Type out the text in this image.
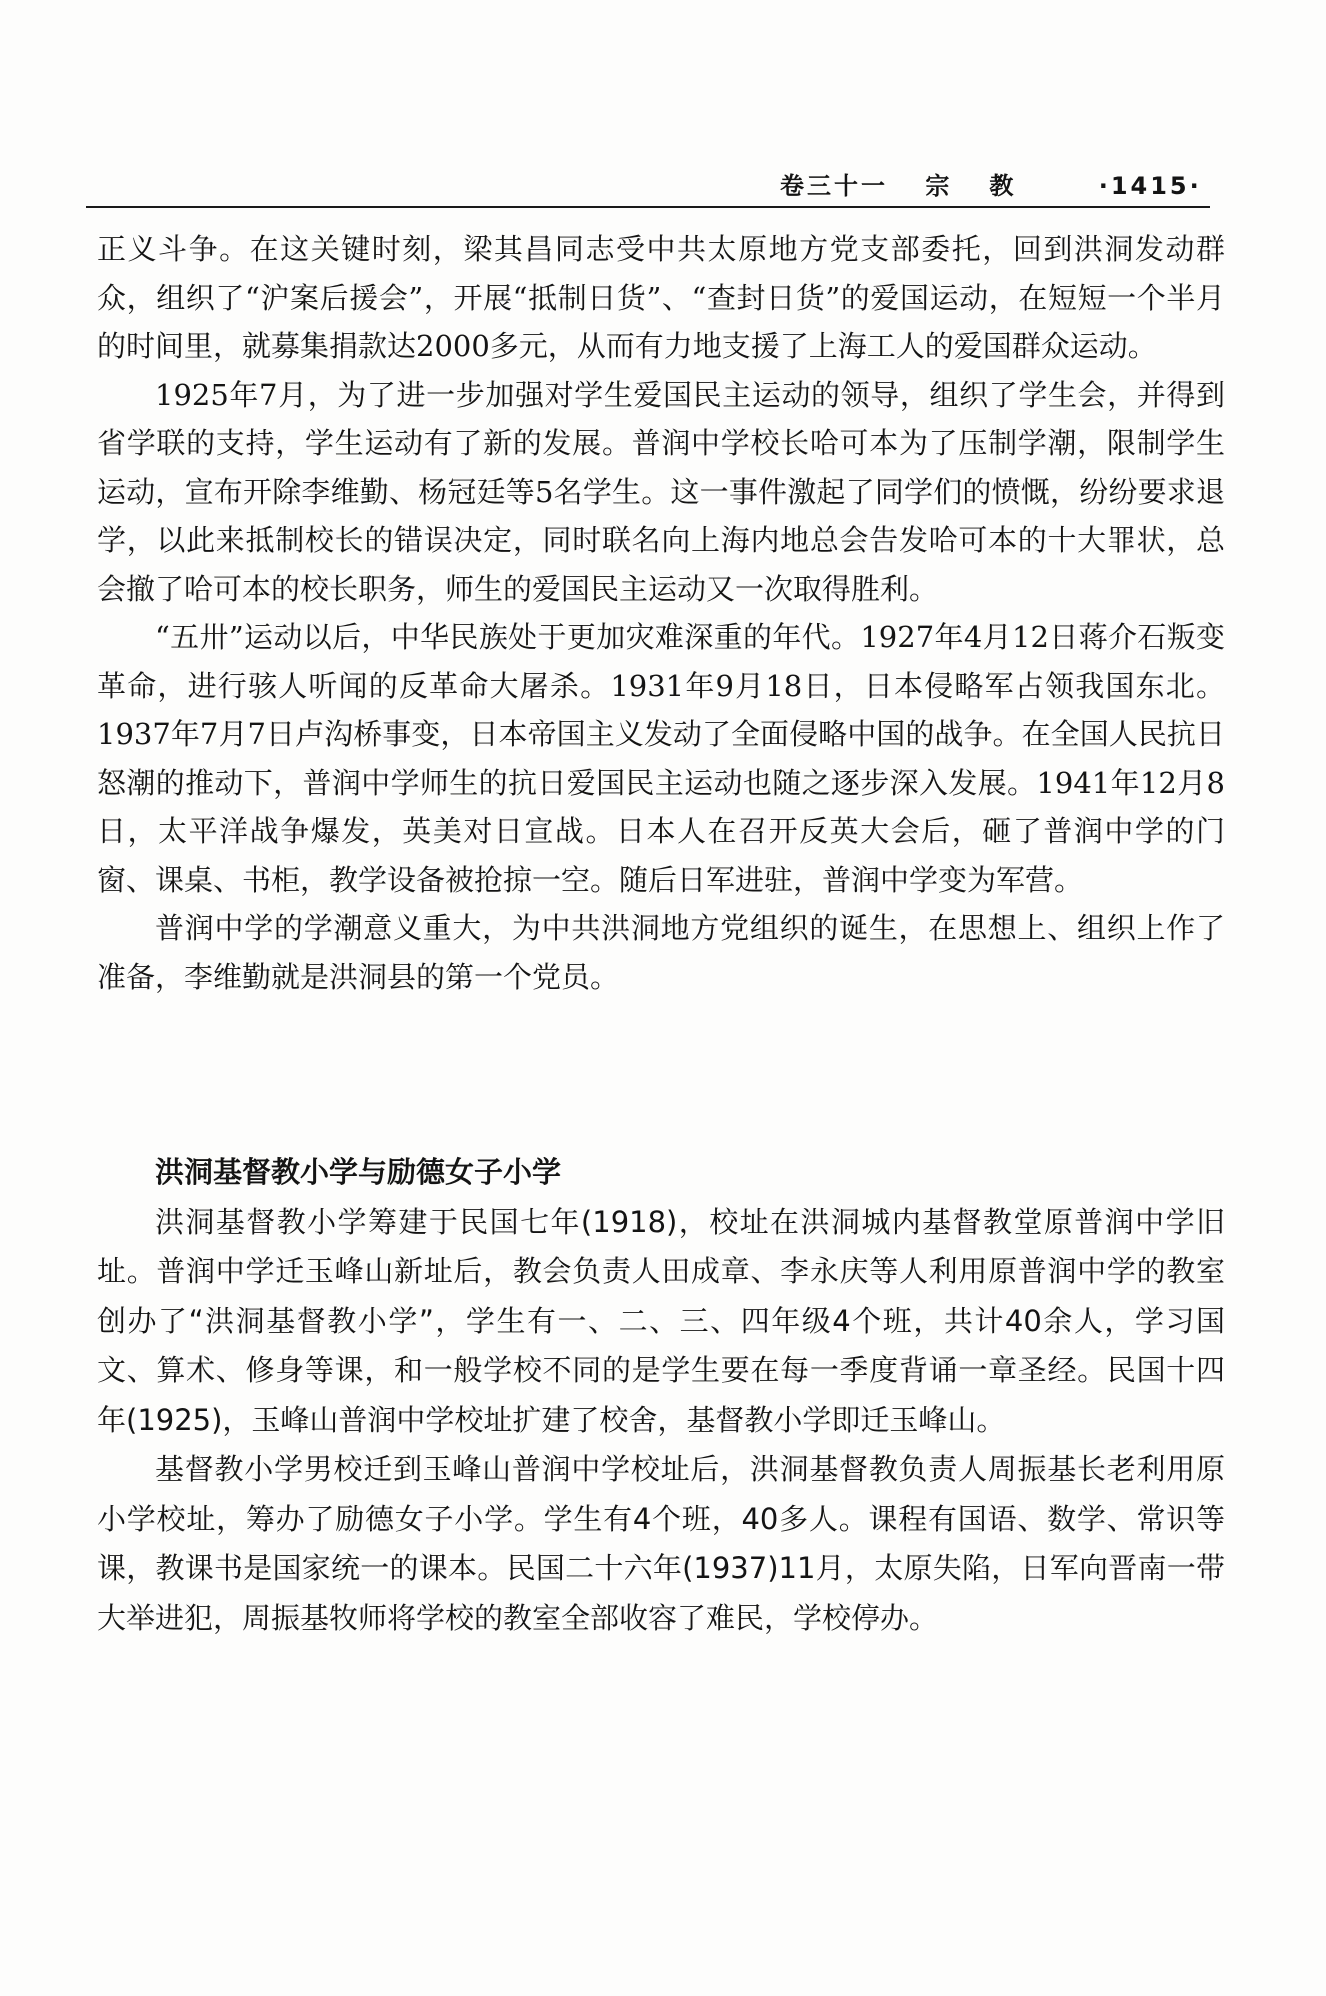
卷三十一 宗教 ·1415·

正义斗争。在这关键时刻，梁其昌同志受中共太原地方党支部委托，回到洪洞发动群众，组织了“沪案后援会”，开展“抵制日货”、“查封日货”的爱国运动，在短短一个半月的时间里，就募集捐款达2000多元，从而有力地支援了上海工人的爱国群众运动。

1925年7月，为了进一步加强对学生爱国民主运动的领导，组织了学生会，并得到省学联的支持，学生运动有了新的发展。普润中学校长哈可本为了压制学潮，限制学生运动，宣布开除李维勤、杨冠廷等5名学生。这一事件激起了同学们的愤慨，纷纷要求退学，以此来抵制校长的错误决定，同时联名向上海内地总会告发哈可本的十大罪状，总会撤了哈可本的校长职务，师生的爱国民主运动又一次取得胜利。

“五卅”运动以后，中华民族处于更加灾难深重的年代。1927年4月12日蒋介石叛变革命，进行骇人听闻的反革命大屠杀。1931年9月18日，日本侵略军占领我国东北。1937年7月7日卢沟桥事变，日本帝国主义发动了全面侵略中国的战争。在全国人民抗日怒潮的推动下，普润中学师生的抗日爱国民主运动也随之逐步深入发展。1941年12月8日，太平洋战争爆发，英美对日宣战。日本人在召开反英大会后，砸了普润中学的门窗、课桌、书柜，教学设备被抢掠一空。随后日军进驻，普润中学变为军营。

普润中学的学潮意义重大，为中共洪洞地方党组织的诞生，在思想上、组织上作了准备，李维勤就是洪洞县的第一个党员。

洪洞基督教小学与励德女子小学

洪洞基督教小学筹建于民国七年(1918)，校址在洪洞城内基督教堂原普润中学旧址。普润中学迁玉峰山新址后，教会负责人田成章、李永庆等人利用原普润中学的教室创办了“洪洞基督教小学”，学生有一、二、三、四年级4个班，共计40余人，学习国文、算术、修身等课，和一般学校不同的是学生要在每一季度背诵一章圣经。民国十四年(1925)，玉峰山普润中学校址扩建了校舍，基督教小学即迁玉峰山。

基督教小学男校迁到玉峰山普润中学校址后，洪洞基督教负责人周振基长老利用原小学校址，筹办了励德女子小学。学生有4个班，40多人。课程有国语、数学、常识等课，教课书是国家统一的课本。民国二十六年(1937)11月，太原失陷，日军向晋南一带大举进犯，周振基牧师将学校的教室全部收容了难民，学校停办。
